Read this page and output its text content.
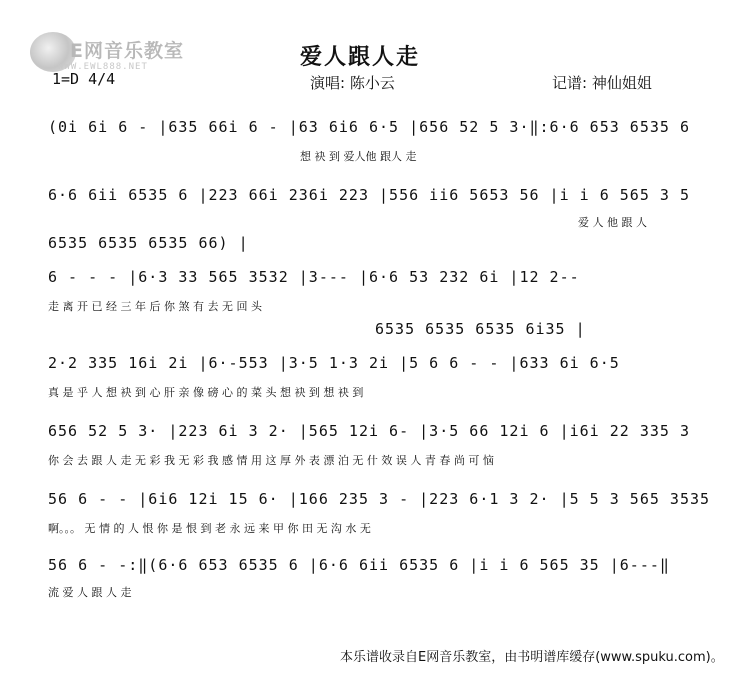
E网音乐教室
WWW.EWL888.NET	爱人跟人走
1=D 4/4	演唱: 陈小云	记谱: 神仙姐姐
(0i 6i 6 - |635 66i 6 - |63 6i6 6·5 |656 52 5 3·‖:6·6 653 6535 6
想 袂 到 爱人他 跟人 走
6·6 6ii 6535 6 |223 66i 236i 223 |556 ii6 5653 56 |i i 6 565 3 5
爱 人 他 跟 人
6535 6535 6535 66) |
6 - - - |6·3 33 565 3532 |3--- |6·6 53 232 6i |12 2--
走 离 开 已 经 三 年 后 你 煞 有 去 无 回 头
6535 6535 6535 6i35 |
2·2 335 16i 2i |6·-553 |3·5 1·3 2i |5 6 6 - - |633 6i 6·5
真 是 乎 人 想 袂 到 心 肝 亲 像 磅 心 的 菜 头 想 袂 到 想 袂 到
656 52 5 3· |223 6i 3 2· |565 12i 6- |3·5 66 12i 6 |i6i 22 335 3
你 会 去 跟 人 走 无 彩 我 无 彩 我 感 情 用 这 厚 外 表 漂 泊 无 什 效 误 人 青 春 尚 可 恼
56 6 - - |6i6 12i 15 6· |166 235 3 - |223 6·1 3 2· |5 5 3 565 3535
啊。。。 无 情 的 人 恨 你 是 恨 到 老 永 远 来 甲 你 田 无 沟 水 无
56 6 - -:‖(6·6 653 6535 6 |6·6 6ii 6535 6 |i i 6 565 35 |6---‖
流 爱 人 跟 人 走
本乐谱收录自E网音乐教室，由书明谱库缓存(www.spuku.com)。
